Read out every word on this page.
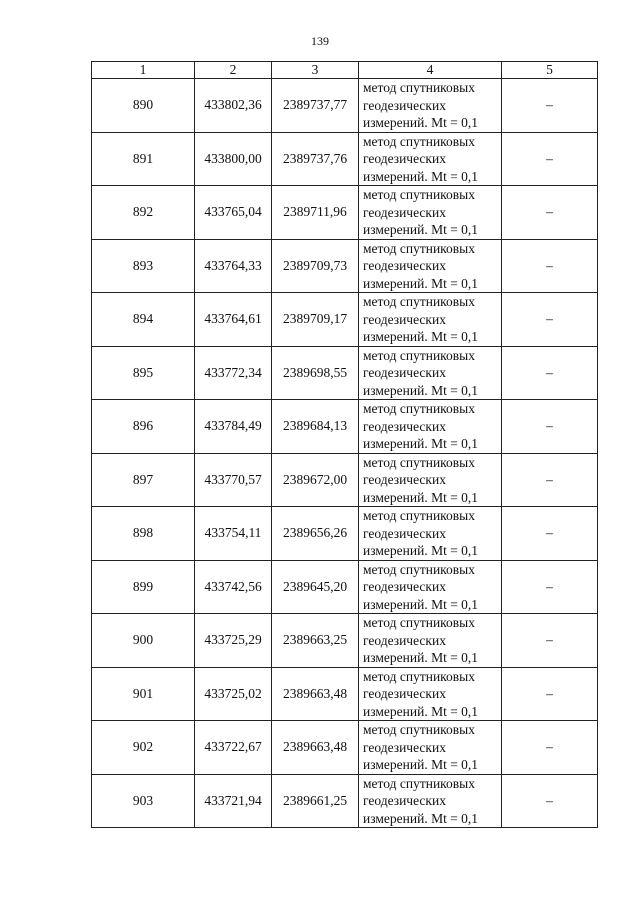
139
1	2	3	4	5
890	433802,36	2389737,77	метод спутниковых
геодезических
измерений. Mt = 0,1	–
891	433800,00	2389737,76	метод спутниковых
геодезических
измерений. Mt = 0,1	–
892	433765,04	2389711,96	метод спутниковых
геодезических
измерений. Mt = 0,1	–
893	433764,33	2389709,73	метод спутниковых
геодезических
измерений. Mt = 0,1	–
894	433764,61	2389709,17	метод спутниковых
геодезических
измерений. Mt = 0,1	–
895	433772,34	2389698,55	метод спутниковых
геодезических
измерений. Mt = 0,1	–
896	433784,49	2389684,13	метод спутниковых
геодезических
измерений. Mt = 0,1	–
897	433770,57	2389672,00	метод спутниковых
геодезических
измерений. Mt = 0,1	–
898	433754,11	2389656,26	метод спутниковых
геодезических
измерений. Mt = 0,1	–
899	433742,56	2389645,20	метод спутниковых
геодезических
измерений. Mt = 0,1	–
900	433725,29	2389663,25	метод спутниковых
геодезических
измерений. Mt = 0,1	–
901	433725,02	2389663,48	метод спутниковых
геодезических
измерений. Mt = 0,1	–
902	433722,67	2389663,48	метод спутниковых
геодезических
измерений. Mt = 0,1	–
903	433721,94	2389661,25	метод спутниковых
геодезических
измерений. Mt = 0,1	–
